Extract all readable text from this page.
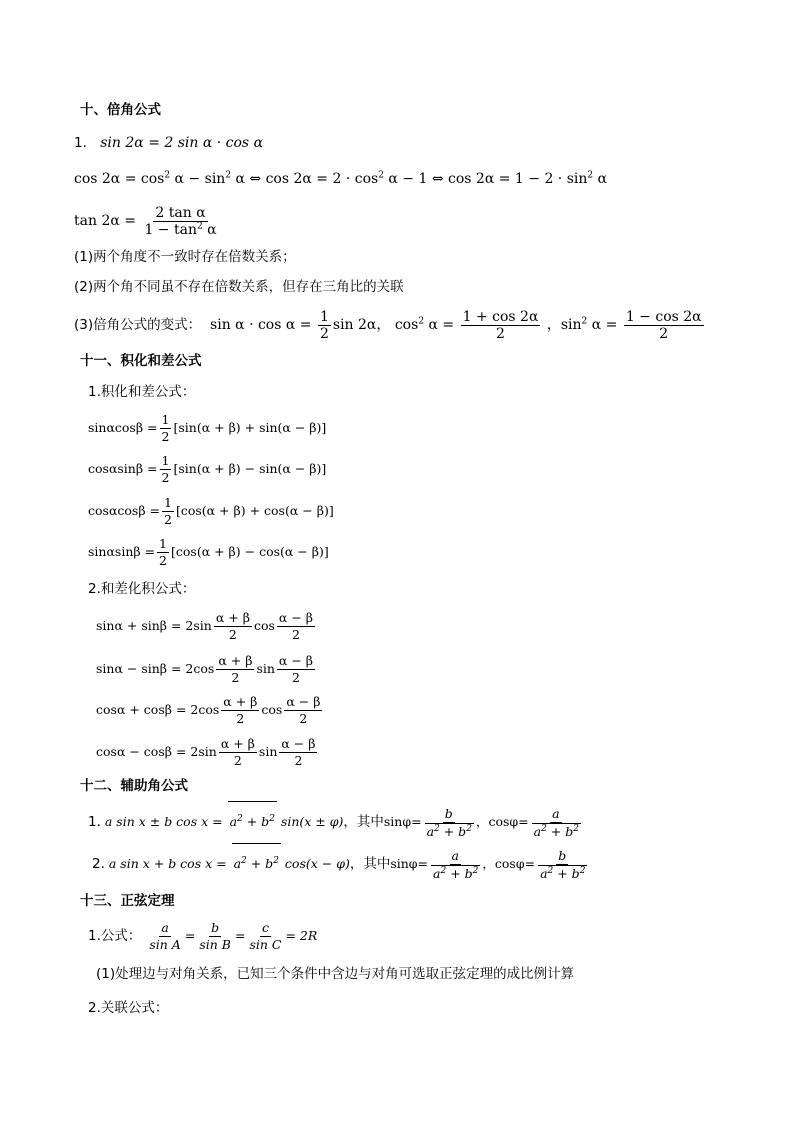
十、倍角公式
1. sin 2α = 2 sin α · cos α
$\cos 2\alpha = \cos^2 \alpha - \sin^2 \alpha$ ⇔ $\cos 2\alpha = 2 \cdot \cos^2 \alpha - 1$ ⇔ $\cos 2\alpha = 1 - 2 \cdot \sin^2 \alpha$
$\tan 2\alpha = \frac{\text{2 tan α}}{1 - \tan^2 \alpha}$
(1)两个角度不一致时存在倍数关系；
(2)两个角不同虽不存在倍数关系，但存在三角比的关联
(3)倍角公式的变式： $\sin \alpha \cdot \cos \alpha = \frac{1}{2}$ sin 2α， $\cos^2 \alpha = \frac{1 + \cos 2\alpha}{2}$ ，$\sin^2 \alpha = \frac{1 - \cos 2\alpha}{2}$
十一、积化和差公式
1.积化和差公式：
$\sin\alpha\cos\beta = \frac{1}{2} [\sin(\alpha + \beta) + \sin(\alpha - \beta)]$
$\cos\alpha\sin\beta = \frac{1}{2} [\sin(\alpha + \beta) - \sin(\alpha - \beta)]$
$\cos\alpha\cos\beta = \frac{1}{2} [\cos(\alpha + \beta) + \cos(\alpha - \beta)]$
$\sin\alpha\sin\beta = \frac{1}{2} [\cos(\alpha + \beta) - \cos(\alpha - \beta)]$
2.和差化积公式：
$\sin\alpha + \sin\beta = 2\sin \frac{\alpha + \beta}{2}$ $\cos \frac{\alpha - \beta}{2}$
$\sin\alpha - \sin\beta = 2\cos \frac{\alpha + \beta}{2}$ $\sin \frac{\alpha - \beta}{2}$
$\cos\alpha + \cos\beta = 2\cos \frac{\alpha + \beta}{2}$ $\cos \frac{\alpha - \beta}{2}$
$\cos\alpha - \cos\beta = 2\sin \frac{\alpha + \beta}{2}$ $\sin \frac{\alpha - \beta}{2}$
十二、辅助角公式
1. a sin x ± b $\cos x = a^2 + b^2$ sin(x ± φ)，其中$\sin\varphi= \frac{b}{a^2 + b^2}$ ，$\cos\varphi= \frac{a}{a^2 + b^2}$
2. a sin x + b $\cos x = a^2 + b^2$ cos(x − φ)，其中$\sin\varphi= \frac{a}{a^2 + b^2}$ ，$\cos\varphi= \frac{b}{a^2 + b^2}$
十三、正弦定理
1.公式： $\frac{a}{\text{sin A}} = \frac{b}{\text{sin B}} = \frac{c}{\text{sin C}} = 2R$
(1)处理边与对角关系，已知三个条件中含边与对角可选取正弦定理的成比例计算
2.关联公式：
